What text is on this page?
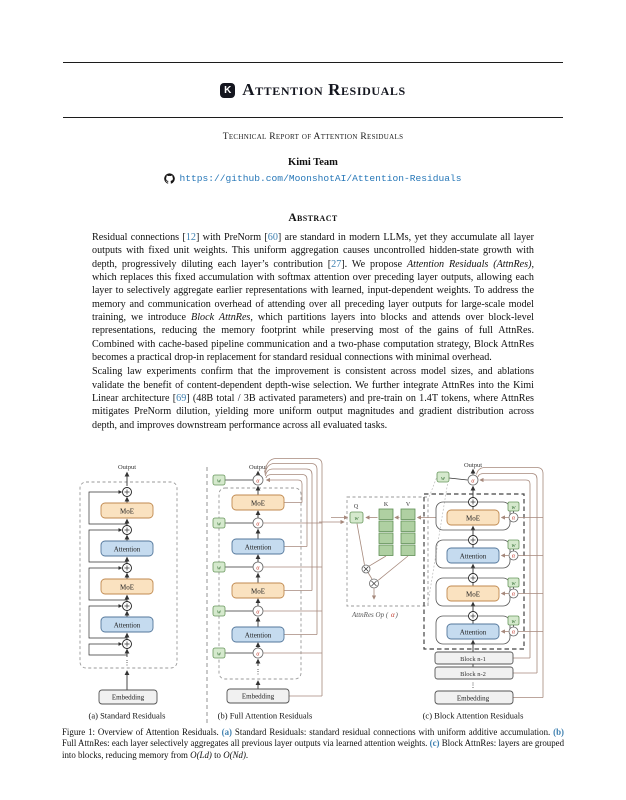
K Attention Residuals
Technical Report of Attention Residuals
Kimi Team
https://github.com/MoonshotAI/Attention-Residuals
Abstract

Residual connections [12] with PreNorm [60] are standard in modern LLMs, yet they accumulate all layer outputs with fixed unit weights. This uniform aggregation causes uncontrolled hidden-state growth with depth, progressively diluting each layer’s contribution [27]. We propose Attention Residuals (AttnRes), which replaces this fixed accumulation with softmax attention over preceding layer outputs, allowing each layer to selectively aggregate earlier representations with learned, input-dependent weights. To address the memory and communication overhead of attending over all preceding layer outputs for large-scale model training, we introduce Block AttnRes, which partitions layers into blocks and attends over block-level representations, reducing the memory footprint while preserving most of the gains of full AttnRes. Combined with cache-based pipeline communication and a two-phase computation strategy, Block AttnRes becomes a practical drop-in replacement for standard residual connections with minimal overhead.

Scaling law experiments confirm that the improvement is consistent across model sizes, and ablations validate the benefit of content-dependent depth-wise selection. We further integrate AttnRes into the Kimi Linear architecture [69] (48B total / 3B activated parameters) and pre-train on 1.4T tokens, where AttnRes mitigates PreNorm dilution, yielding more uniform output magnitudes and gradient distribution across depth, and improves downstream performance across all evaluated tasks.

Output
MoE
Attention
MoE
Attention
⋮
Embedding
(a) Standard Residuals
Output
MoE
Attention
MoE
Attention
w	α
w	α
w	α
w	α
w	α
⋮
Embedding
(b) Full Attention Residuals
Q	K	V
w
AttnRes Op ( α )
Output
w	α
MoE
w
α
Attention
w
α
MoE
w
α
Attention
w
α
Block n-1
Block n-2
⋮
Embedding
(c) Block Attention Residuals
Figure 1: Overview of Attention Residuals. (a) Standard Residuals: standard residual connections with uniform additive accumulation. (b) Full AttnRes: each layer selectively aggregates all previous layer outputs via learned attention weights. (c) Block AttnRes: layers are grouped into blocks, reducing memory from O(Ld) to O(Nd).
